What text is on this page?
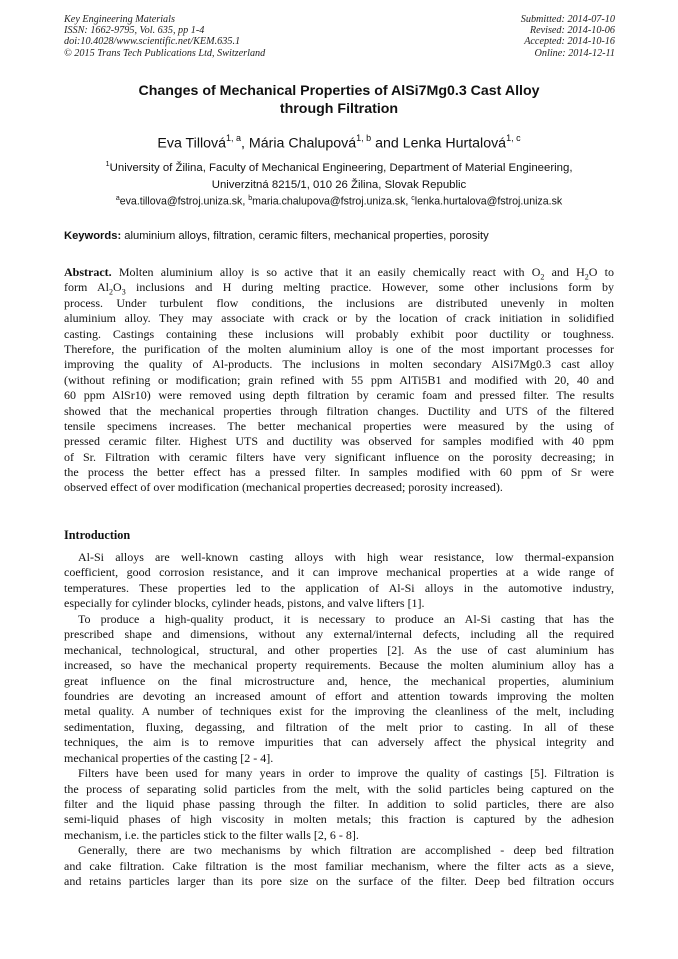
Key Engineering Materials
ISSN: 1662-9795, Vol. 635, pp 1-4
doi:10.4028/www.scientific.net/KEM.635.1
© 2015 Trans Tech Publications Ltd, Switzerland
Submitted: 2014-07-10
Revised: 2014-10-06
Accepted: 2014-10-16
Online: 2014-12-11
Changes of Mechanical Properties of AlSi7Mg0.3 Cast Alloy
through Filtration
Eva Tillová$^{1, a}$, Mária Chalupová$^{1, b}$ and Lenka Hurtalová$^{1, c}$
$^1$University of Žilina, Faculty of Mechanical Engineering, Department of Material Engineering,
Univerzitná 8215/1, 010 26 Žilina, Slovak Republic
$^a$eva.tillova@fstroj.uniza.sk, $^b$maria.chalupova@fstroj.uniza.sk, $^c$lenka.hurtalova@fstroj.uniza.sk
Keywords: aluminium alloys, filtration, ceramic filters, mechanical properties, porosity
Abstract. Molten aluminium alloy is so active that it an easily chemically react with $O_2$ and $H_2O$ to
form $Al_2O_3$ inclusions and H during melting practice. However, some other inclusions form by
process. Under turbulent flow conditions, the inclusions are distributed unevenly in molten
aluminium alloy. They may associate with crack or by the location of crack initiation in solidified
casting. Castings containing these inclusions will probably exhibit poor ductility or toughness.
Therefore, the purification of the molten aluminium alloy is one of the most important processes for
improving the quality of Al-products. The inclusions in molten secondary AlSi7Mg0.3 cast alloy
(without refining or modification; grain refined with 55 ppm AlTi5B1 and modified with 20, 40 and
60 ppm AlSr10) were removed using depth filtration by ceramic foam and pressed filter. The results
showed that the mechanical properties through filtration changes. Ductility and UTS of the filtered
tensile specimens increases. The better mechanical properties were measured by the using of
pressed ceramic filter. Highest UTS and ductility was observed for samples modified with 40 ppm
of Sr. Filtration with ceramic filters have very significant influence on the porosity decreasing; in
the process the better effect has a pressed filter. In samples modified with 60 ppm of Sr were
observed effect of over modification (mechanical properties decreased; porosity increased).
Introduction
Al-Si alloys are well-known casting alloys with high wear resistance, low thermal-expansion
coefficient, good corrosion resistance, and it can improve mechanical properties at a wide range of
temperatures. These properties led to the application of Al-Si alloys in the automotive industry,
especially for cylinder blocks, cylinder heads, pistons, and valve lifters [1].
To produce a high-quality product, it is necessary to produce an Al-Si casting that has the
prescribed shape and dimensions, without any external/internal defects, including all the required
mechanical, technological, structural, and other properties [2]. As the use of cast aluminium has
increased, so have the mechanical property requirements. Because the molten aluminium alloy has a
great influence on the final microstructure and, hence, the mechanical properties, aluminium
foundries are devoting an increased amount of effort and attention towards improving the molten
metal quality. A number of techniques exist for the improving the cleanliness of the melt, including
sedimentation, fluxing, degassing, and filtration of the melt prior to casting. In all of these
techniques, the aim is to remove impurities that can adversely affect the physical integrity and
mechanical properties of the casting [2 - 4].
Filters have been used for many years in order to improve the quality of castings [5]. Filtration is
the process of separating solid particles from the melt, with the solid particles being captured on the
filter and the liquid phase passing through the filter. In addition to solid particles, there are also
semi-liquid phases of high viscosity in molten metals; this fraction is captured by the adhesion
mechanism, i.e. the particles stick to the filter walls [2, 6 - 8].
Generally, there are two mechanisms by which filtration are accomplished - deep bed filtration
and cake filtration. Cake filtration is the most familiar mechanism, where the filter acts as a sieve,
and retains particles larger than its pore size on the surface of the filter. Deep bed filtration occurs
